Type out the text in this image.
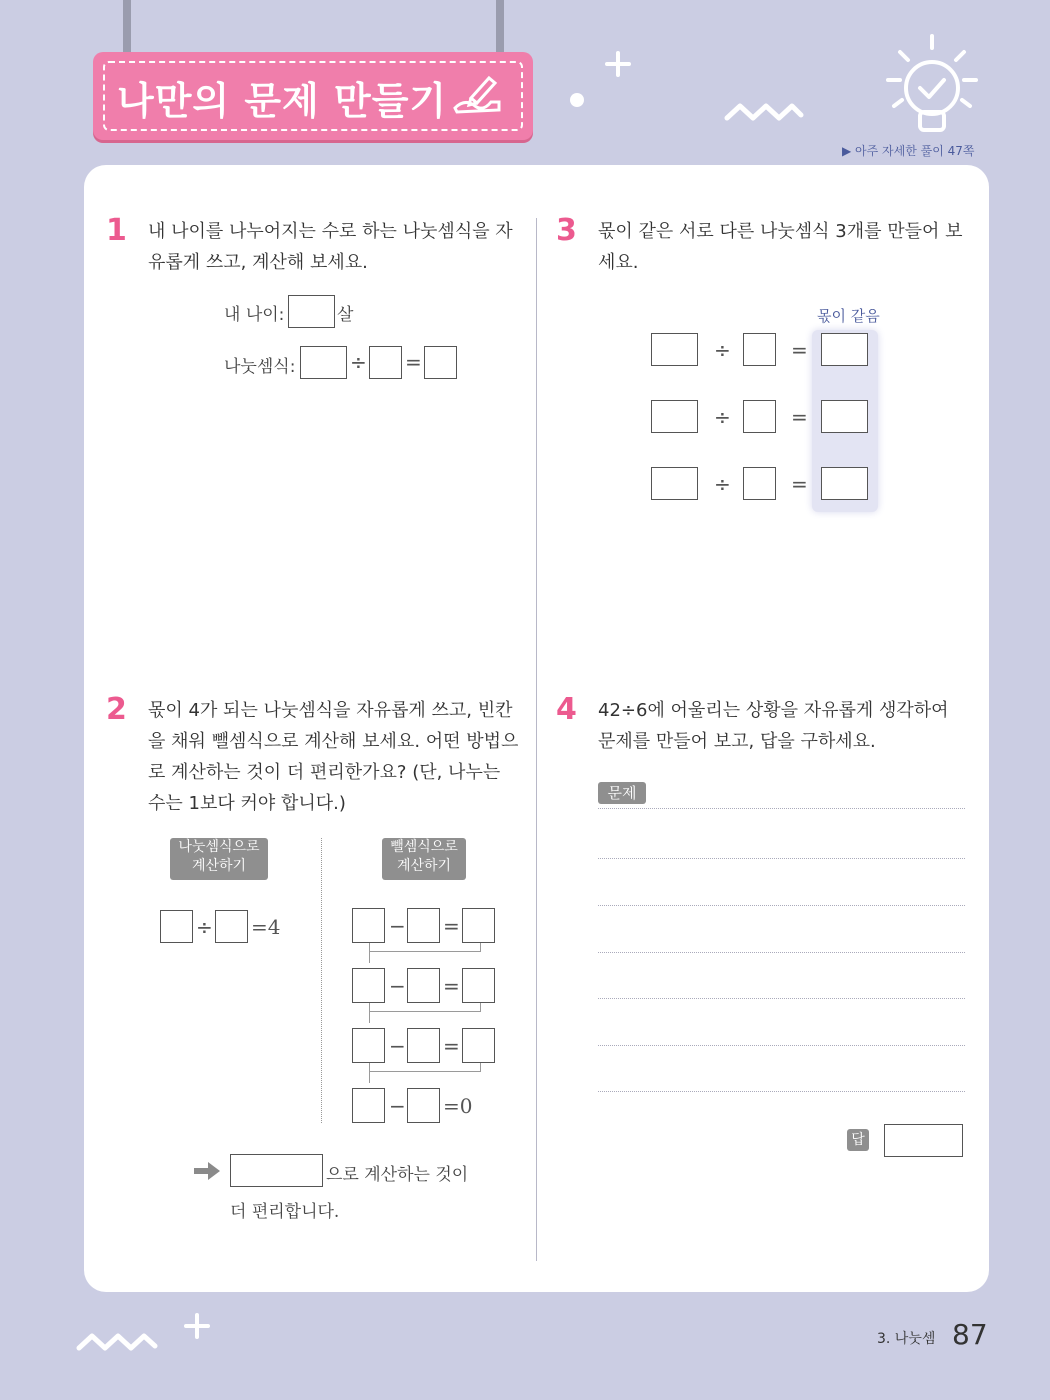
나만의 문제 만들기
▶ 아주 자세한 풀이 47쪽
1 내 나이를 나누어지는 수로 하는 나눗셈식을 자유롭게 쓰고, 계산해 보세요.
내 나이:	살
나눗셈식:	÷ =
3 몫이 같은 서로 다른 나눗셈식 3개를 만들어 보세요.
몫이 같음
÷	=
÷	=
÷	=
2 몫이 4가 되는 나눗셈식을 자유롭게 쓰고, 빈칸을 채워 뺄셈식으로 계산해 보세요. 어떤 방법으로 계산하는 것이 더 편리한가요? (단, 나누는 수는 1보다 커야 합니다.)
나눗셈식으로 계산하기
뺄셈식으로 계산하기
÷ =4	− =
− =
− =
− =0
으로 계산하는 것이
더 편리합니다.
4 42÷6에 어울리는 상황을 자유롭게 생각하여 문제를 만들어 보고, 답을 구하세요.
문제
답
3. 나눗셈 87
